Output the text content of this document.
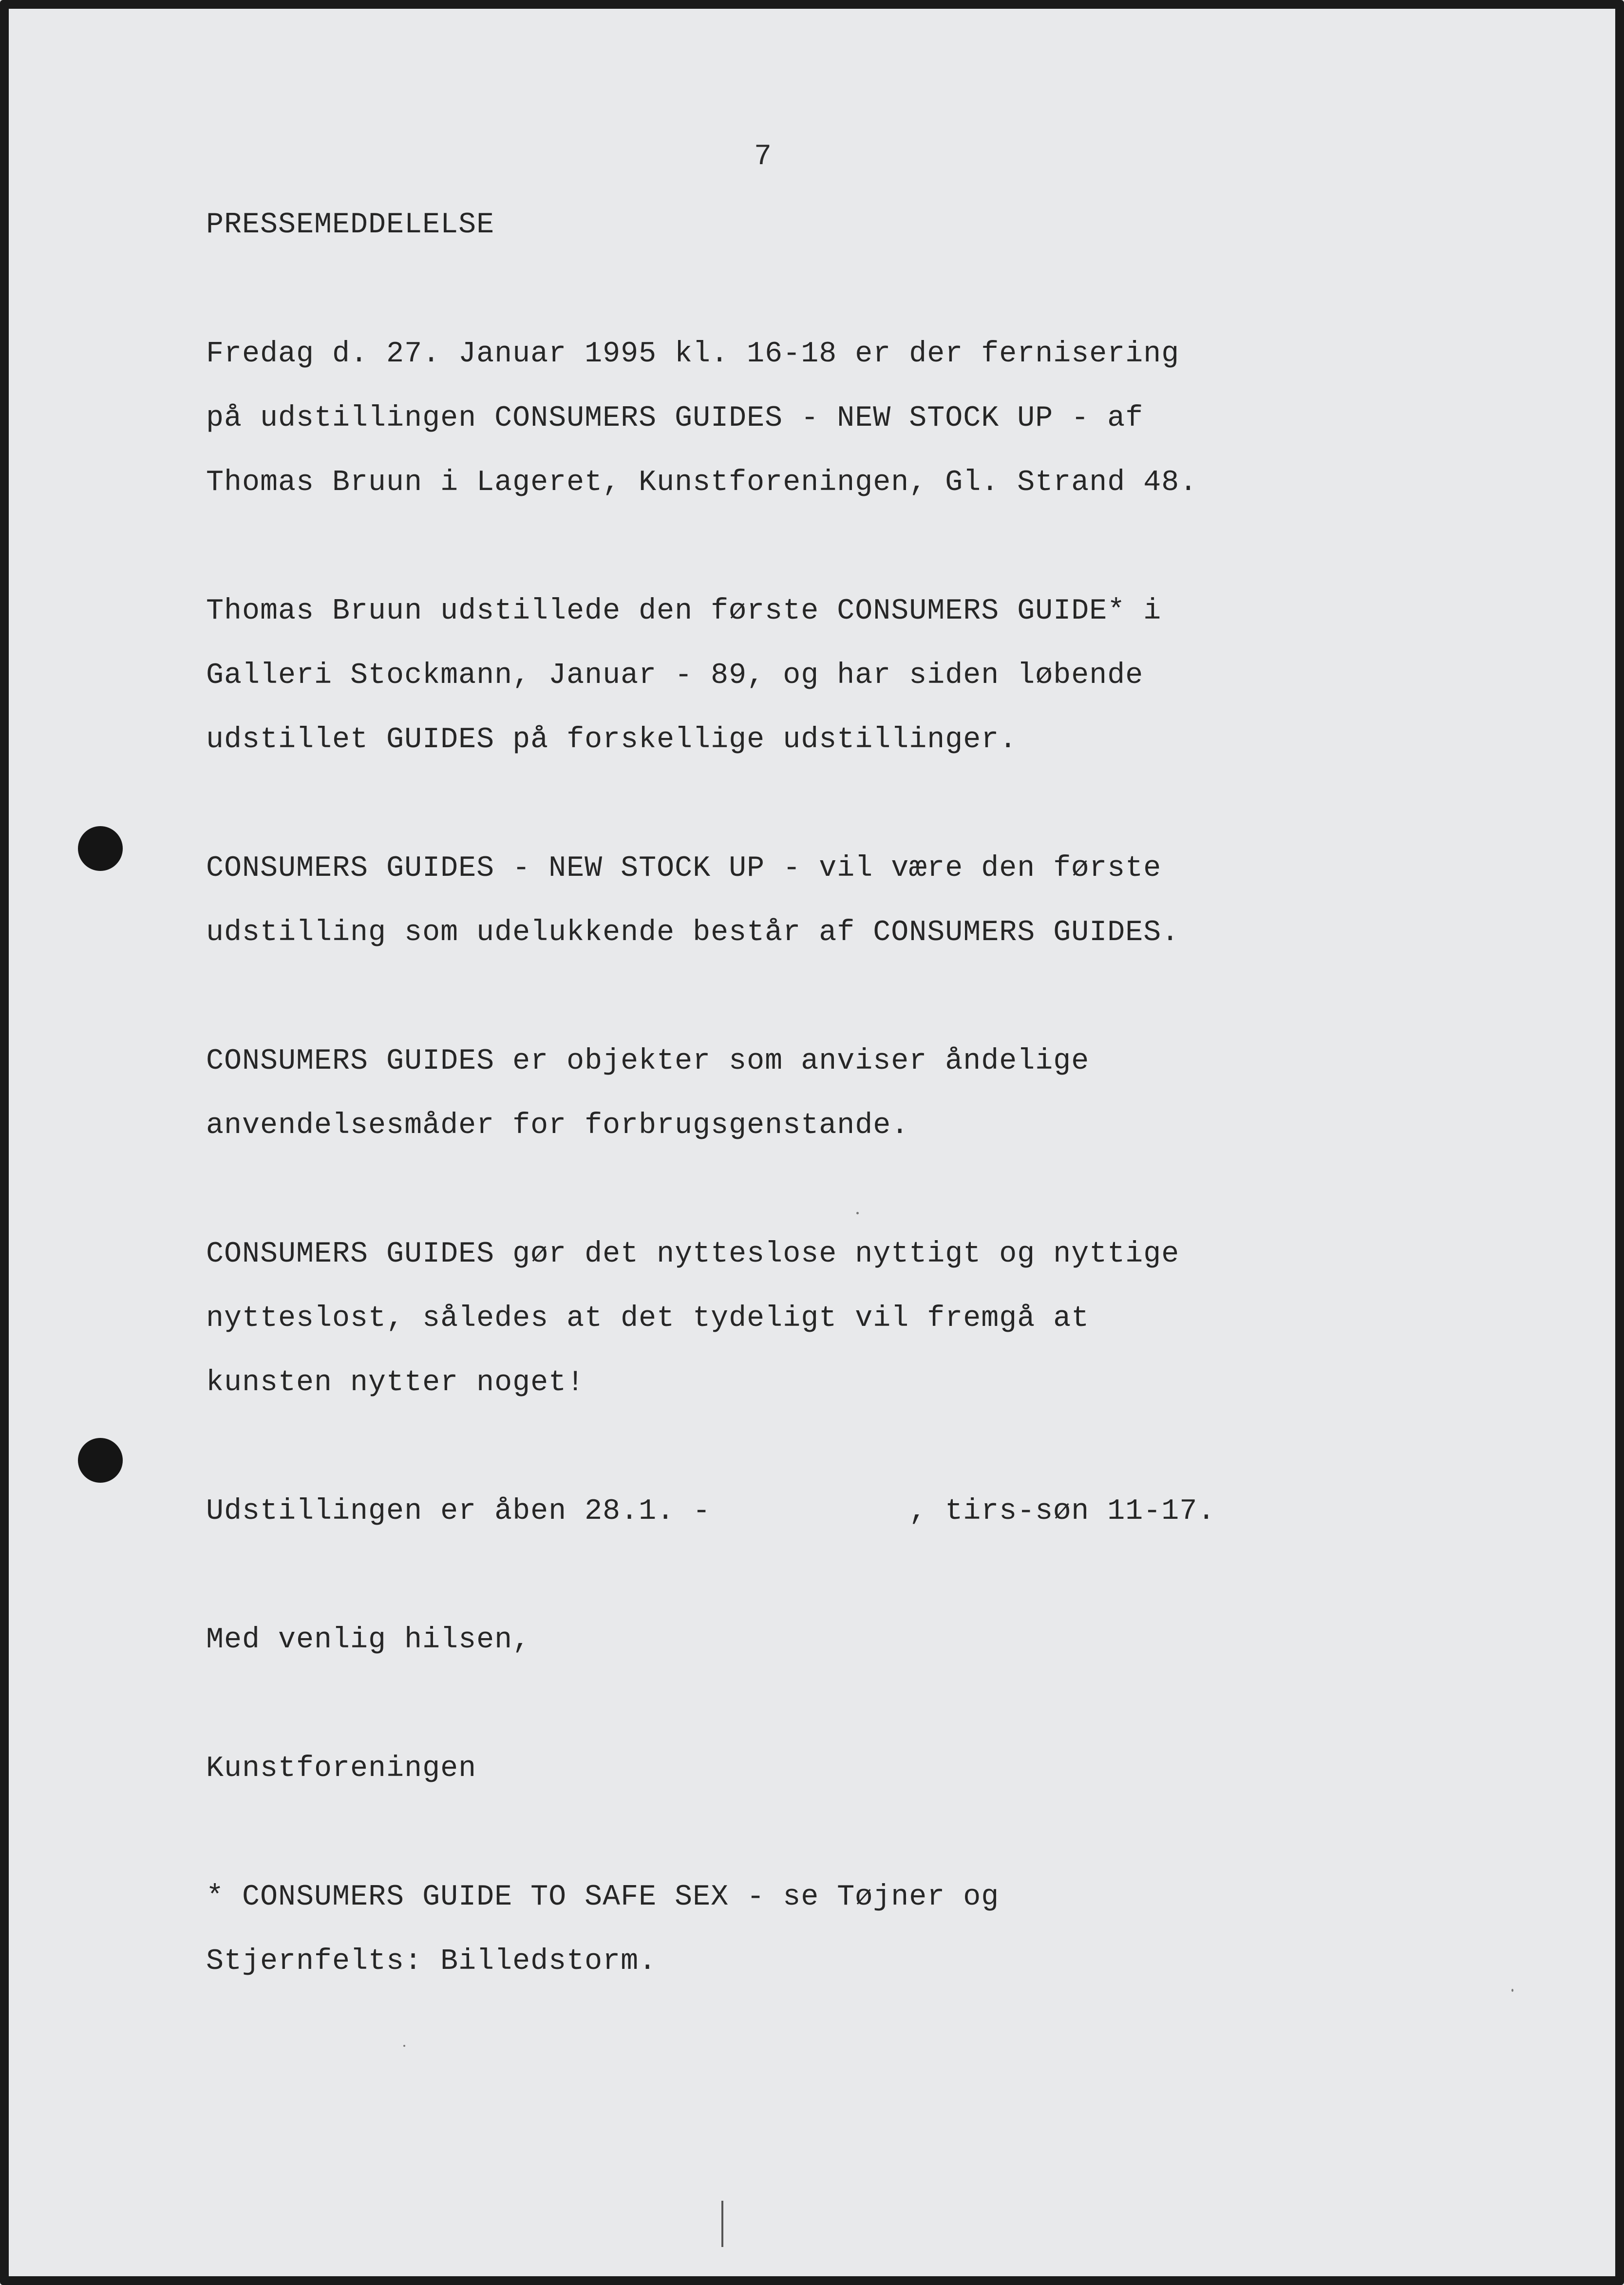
7
PRESSEMEDDELELSE
Fredag d. 27. Januar 1995 kl. 16-18 er der fernisering
på udstillingen CONSUMERS GUIDES - NEW STOCK UP - af
Thomas Bruun i Lageret, Kunstforeningen, Gl. Strand 48.
Thomas Bruun udstillede den første CONSUMERS GUIDE* i
Galleri Stockmann, Januar - 89, og har siden løbende
udstillet GUIDES på forskellige udstillinger.
CONSUMERS GUIDES - NEW STOCK UP - vil være den første
udstilling som udelukkende består af CONSUMERS GUIDES.
CONSUMERS GUIDES er objekter som anviser åndelige
anvendelsesmåder for forbrugsgenstande.
CONSUMERS GUIDES gør det nytteslose nyttigt og nyttige
nytteslost, således at det tydeligt vil fremgå at
kunsten nytter noget!
Udstillingen er åben 28.1. -           , tirs-søn 11-17.
Med venlig hilsen,
Kunstforeningen
* CONSUMERS GUIDE TO SAFE SEX - se Tøjner og
Stjernfelts: Billedstorm.
